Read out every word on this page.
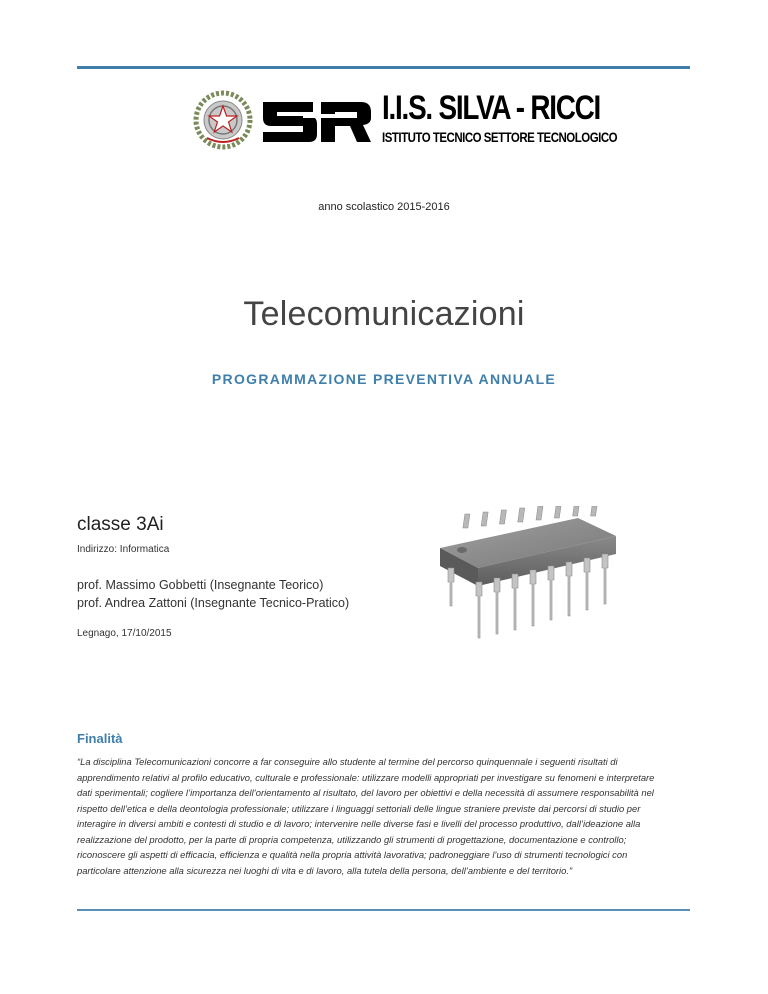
I.I.S. SILVA - RICCI
ISTITUTO TECNICO SETTORE TECNOLOGICO
anno scolastico 2015-2016
Telecomunicazioni
PROGRAMMAZIONE PREVENTIVA ANNUALE
classe 3Ai
Indirizzo: Informatica
prof. Massimo Gobbetti (Insegnante Teorico)
prof. Andrea Zattoni (Insegnante Tecnico-Pratico)
Legnago, 17/10/2015
Finalità
“La disciplina Telecomunicazioni concorre a far conseguire allo studente al termine del percorso quinquennale i seguenti risultati di
apprendimento relativi al profilo educativo, culturale e professionale: utilizzare modelli appropriati per investigare su fenomeni e interpretare
dati sperimentali; cogliere l’importanza dell’orientamento al risultato, del lavoro per obiettivi e della necessità di assumere responsabilità nel
rispetto dell’etica e della deontologia professionale; utilizzare i linguaggi settoriali delle lingue straniere previste dai percorsi di studio per
interagire in diversi ambiti e contesti di studio e di lavoro; intervenire nelle diverse fasi e livelli del processo produttivo, dall’ideazione alla
realizzazione del prodotto, per la parte di propria competenza, utilizzando gli strumenti di progettazione, documentazione e controllo;
riconoscere gli aspetti di efficacia, efficienza e qualità nella propria attività lavorativa; padroneggiare l’uso di strumenti tecnologici con
particolare attenzione alla sicurezza nei luoghi di vita e di lavoro, alla tutela della persona, dell’ambiente e del territorio.”
